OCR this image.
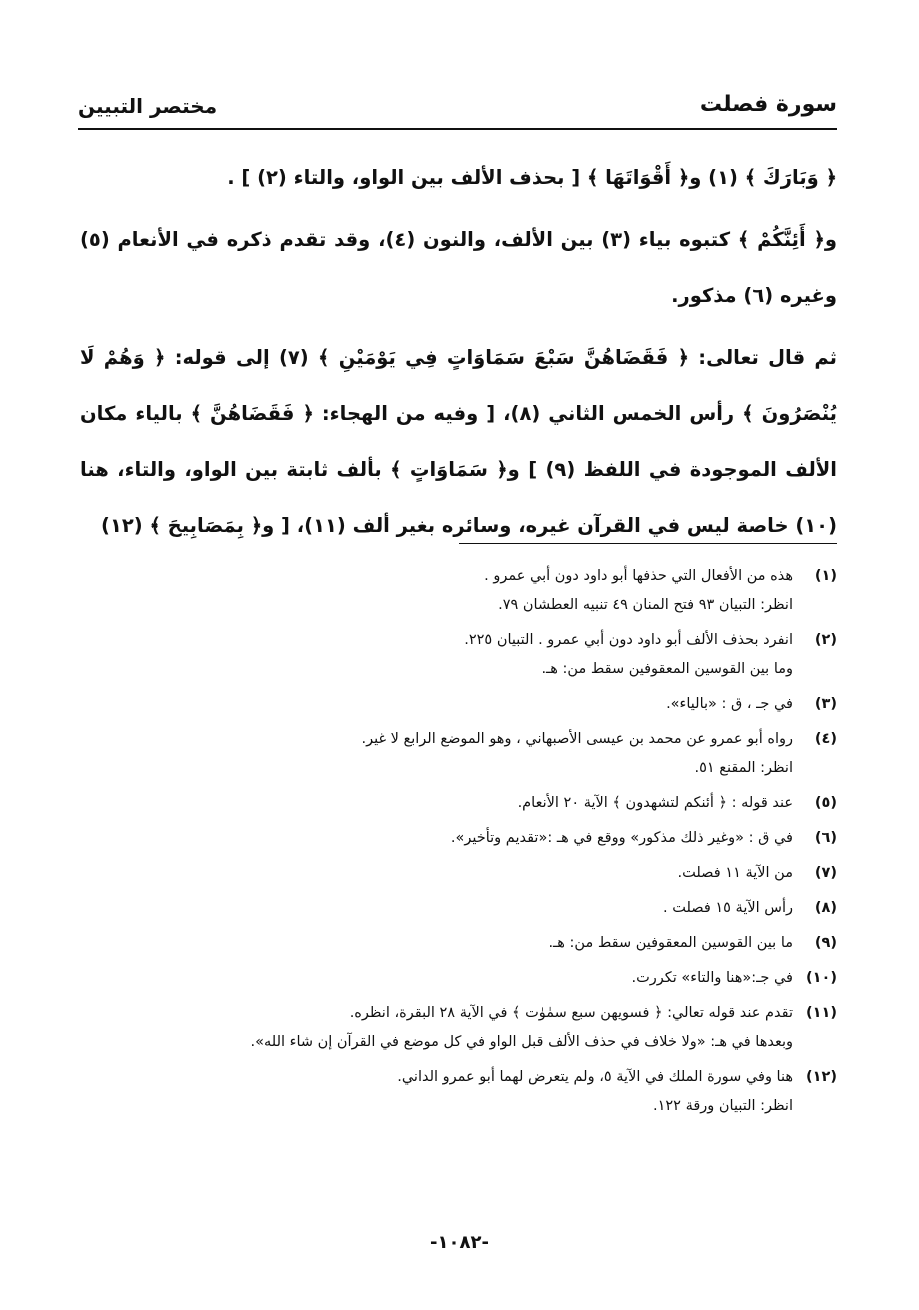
سورة فصلت
مختصر التبيين

﴿ وَبَارَكَ ﴾ (١) و﴿ أَقْوَاتَهَا ﴾ [ بحذف الألف بين الواو، والتاء (٢) ] .

و﴿ أَئِنَّكُمْ ﴾ كتبوه بياء (٣) بين الألف، والنون (٤)، وقد تقدم ذكره في الأنعام (٥) وغيره (٦) مذكور.

ثم قال تعالى: ﴿ فَقَضَاهُنَّ سَبْعَ سَمَاوَاتٍ فِي يَوْمَيْنِ ﴾ (٧) إلى قوله: ﴿ وَهُمْ لَا يُنْصَرُونَ ﴾ رأس الخمس الثاني (٨)، [ وفيه من الهجاء: ﴿ فَقَضَاهُنَّ ﴾ بالياء مكان الألف الموجودة في اللفظ (٩) ] و﴿ سَمَاوَاتٍ ﴾ بألف ثابتة بين الواو، والتاء، هنا (١٠) خاصة ليس في القرآن غيره، وسائره بغير ألف (١١)، [ و﴿ بِمَصَابِيحَ ﴾ (١٢)

(١)
هذه من الأفعال التي حذفها أبو داود دون أبي عمرو .
انظر: التبيان ٩٣ فتح المنان ٤٩ تنبيه العطشان ٧٩.
(٢)
انفرد بحذف الألف أبو داود دون أبي عمرو . التبيان ٢٢٥.
وما بين القوسين المعقوفين سقط من: هـ.
(٣)
في جـ ، ق : «بالياء».
(٤)
رواه أبو عمرو عن محمد بن عيسى الأصبهاني ، وهو الموضع الرابع لا غير.
انظر: المقنع ٥١.
(٥)
عند قوله : ﴿ أئنكم لتشهدون ﴾ الآية ٢٠ الأنعام.
(٦)
في ق : «وغير ذلك مذكور» ووقع في هـ :«تقديم وتأخير».
(٧)
من الآية ١١ فصلت.
(٨)
رأس الآية ١٥ فصلت .
(٩)
ما بين القوسين المعقوفين سقط من: هـ.
(١٠)
في جـ:«هنا والتاء» تكررت.
(١١)
تقدم عند قوله تعالي: ﴿ فسويهن سبع سمٰوٰت ﴾ في الآية ٢٨ البقرة، انظره.
وبعدها في هـ: «ولا خلاف في حذف الألف قبل الواو في كل موضع في القرآن إن شاء الله».
(١٢)
هنا وفي سورة الملك في الآية ٥، ولم يتعرض لهما أبو عمرو الداني.
انظر: التبيان ورقة ١٢٢.
-١٠٨٢-
